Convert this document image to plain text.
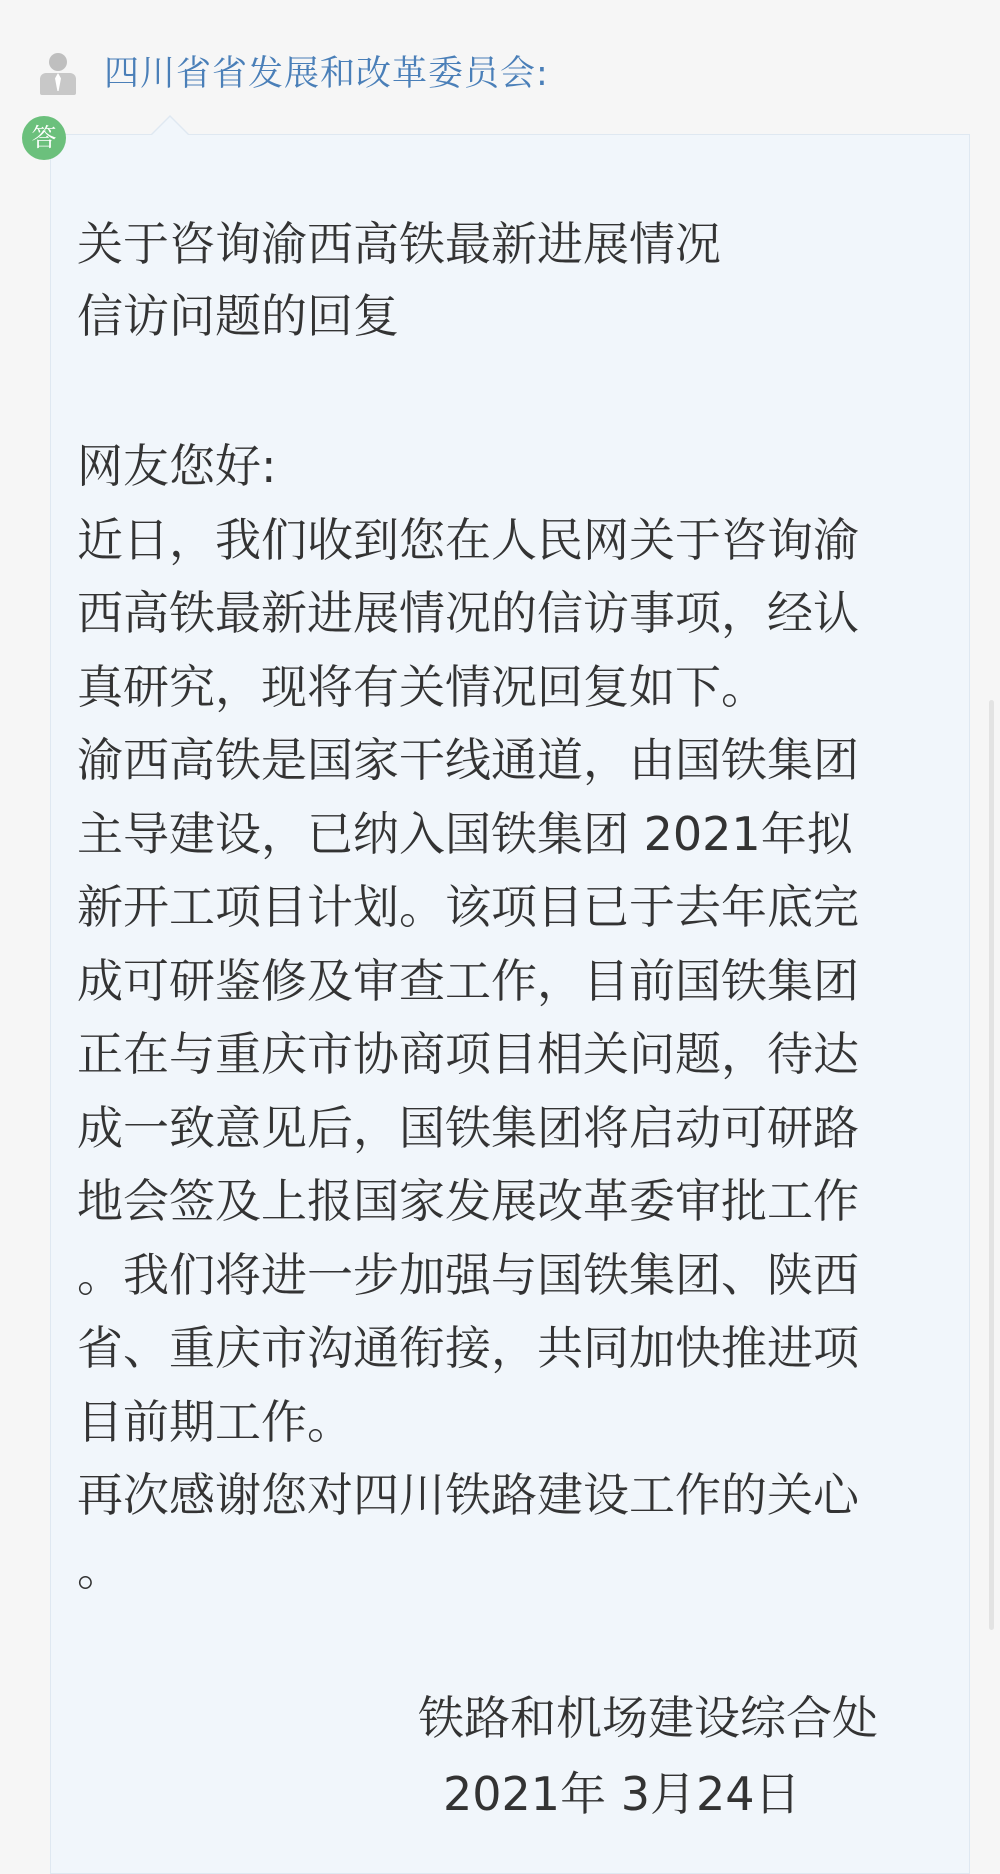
四川省省发展和改革委员会:
答
关于咨询渝西高铁最新进展情况
信访问题的回复
网友您好:
近日，我们收到您在人民网关于咨询渝
西高铁最新进展情况的信访事项，经认
真研究，现将有关情况回复如下。
渝西高铁是国家干线通道，由国铁集团
主导建设，已纳入国铁集团 2021年拟
新开工项目计划。该项目已于去年底完
成可研鉴修及审查工作，目前国铁集团
正在与重庆市协商项目相关问题，待达
成一致意见后，国铁集团将启动可研路
地会签及上报国家发展改革委审批工作
。我们将进一步加强与国铁集团、陕西
省、重庆市沟通衔接，共同加快推进项
目前期工作。
再次感谢您对四川铁路建设工作的关心
。
铁路和机场建设综合处
2021年 3月24日
